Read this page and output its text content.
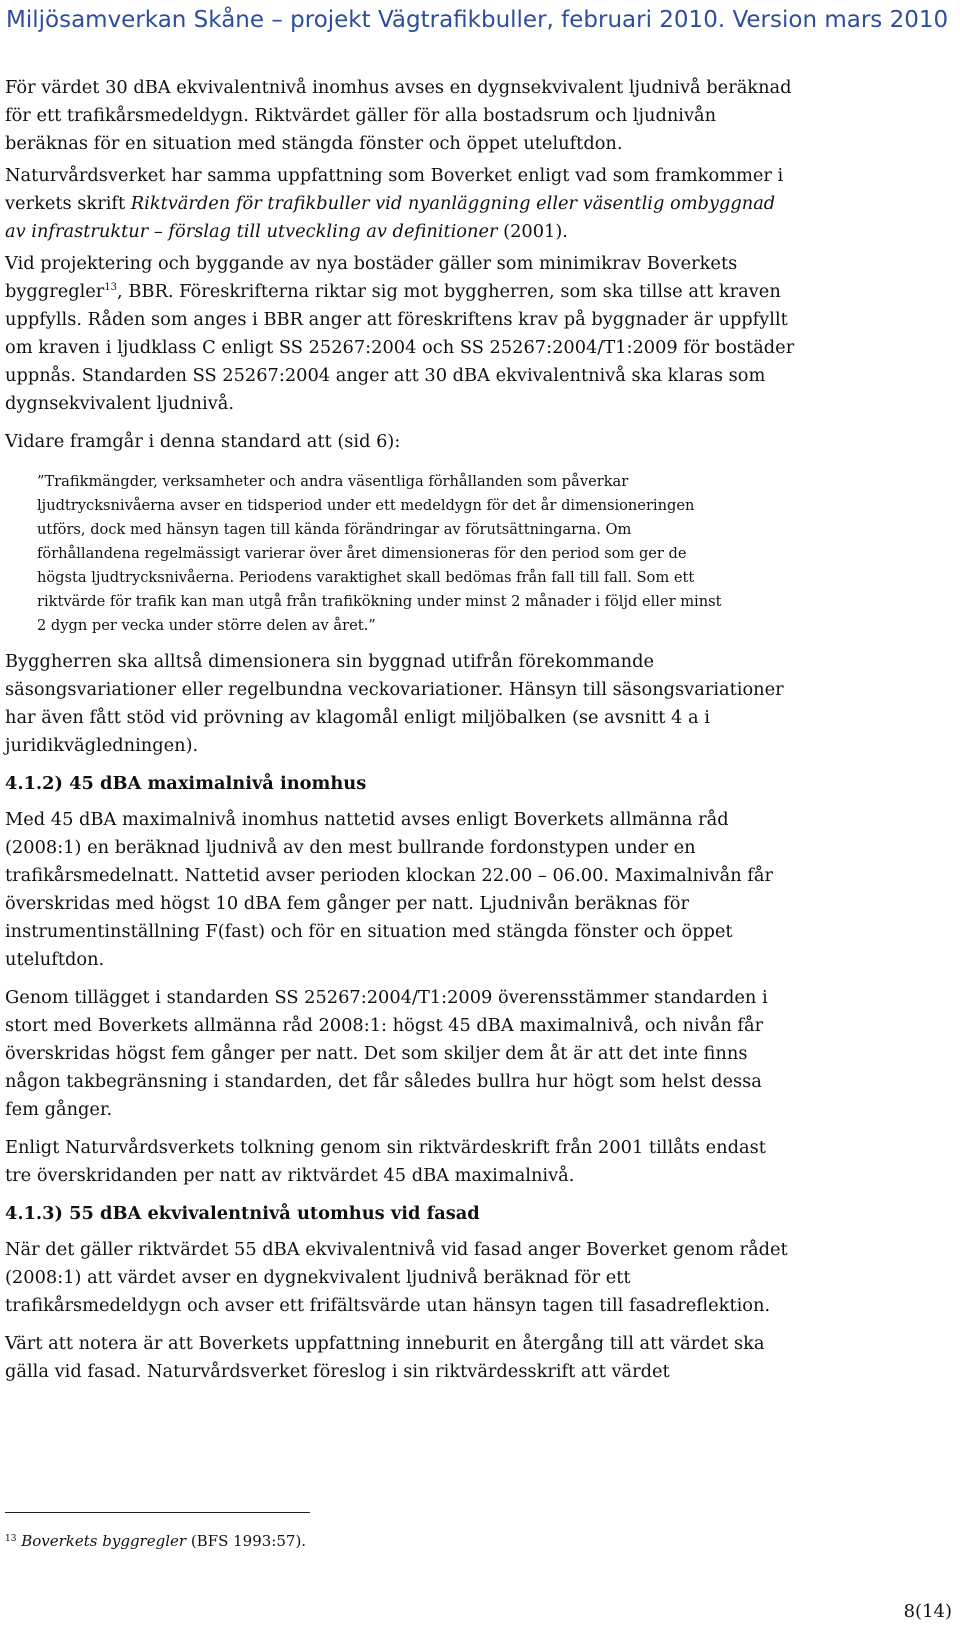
Miljösamverkan Skåne – projekt Vägtrafikbuller, februari 2010. Version mars 2010

För värdet 30 dBA ekvivalentnivå inomhus avses en dygnsekvivalent ljudnivå beräknad för ett trafikårsmedeldygn. Riktvärdet gäller för alla bostadsrum och ljudnivån beräknas för en situation med stängda fönster och öppet uteluftdon.

Naturvårdsverket har samma uppfattning som Boverket enligt vad som framkommer i verkets skrift Riktvärden för trafikbuller vid nyanläggning eller väsentlig ombyggnad av infrastruktur – förslag till utveckling av definitioner (2001).

Vid projektering och byggande av nya bostäder gäller som minimikrav Boverkets byggregler$^{13}$, BBR. Föreskrifterna riktar sig mot byggherren, som ska tillse att kraven uppfylls. Råden som anges i BBR anger att föreskriftens krav på byggnader är uppfyllt om kraven i ljudklass C enligt SS 25267:2004 och SS 25267:2004/T1:2009 för bostäder uppnås. Standarden SS 25267:2004 anger att 30 dBA ekvivalentnivå ska klaras som dygnsekvivalent ljudnivå.

Vidare framgår i denna standard att (sid 6):

”Trafikmängder, verksamheter och andra väsentliga förhållanden som påverkar ljudtrycksnivåerna avser en tidsperiod under ett medeldygn för det år dimensioneringen utförs, dock med hänsyn tagen till kända förändringar av förutsättningarna. Om förhållandena regelmässigt varierar över året dimensioneras för den period som ger de högsta ljudtrycksnivåerna. Periodens varaktighet skall bedömas från fall till fall. Som ett riktvärde för trafik kan man utgå från trafikökning under minst 2 månader i följd eller minst 2 dygn per vecka under större delen av året.”

Byggherren ska alltså dimensionera sin byggnad utifrån förekommande säsongsvariationer eller regelbundna veckovariationer. Hänsyn till säsongsvariationer har även fått stöd vid prövning av klagomål enligt miljöbalken (se avsnitt 4 a i juridikvägledningen).

4.1.2) 45 dBA maximalnivå inomhus

Med 45 dBA maximalnivå inomhus nattetid avses enligt Boverkets allmänna råd (2008:1) en beräknad ljudnivå av den mest bullrande fordonstypen under en trafikårsmedelnatt. Nattetid avser perioden klockan 22.00 – 06.00. Maximalnivån får överskridas med högst 10 dBA fem gånger per natt. Ljudnivån beräknas för instrumentinställning F(fast) och för en situation med stängda fönster och öppet uteluftdon.

Genom tillägget i standarden SS 25267:2004/T1:2009 överensstämmer standarden i stort med Boverkets allmänna råd 2008:1: högst 45 dBA maximalnivå, och nivån får överskridas högst fem gånger per natt. Det som skiljer dem åt är att det inte finns någon takbegränsning i standarden, det får således bullra hur högt som helst dessa fem gånger.

Enligt Naturvårdsverkets tolkning genom sin riktvärdeskrift från 2001 tillåts endast tre överskridanden per natt av riktvärdet 45 dBA maximalnivå.

4.1.3) 55 dBA ekvivalentnivå utomhus vid fasad

När det gäller riktvärdet 55 dBA ekvivalentnivå vid fasad anger Boverket genom rådet (2008:1) att värdet avser en dygnekvivalent ljudnivå beräknad för ett trafikårsmedeldygn och avser ett frifältsvärde utan hänsyn tagen till fasadreflektion.

Värt att notera är att Boverkets uppfattning inneburit en återgång till att värdet ska gälla vid fasad. Naturvårdsverket föreslog i sin riktvärdesskrift att värdet

$^{13}$ Boverkets byggregler (BFS 1993:57).
8(14)
